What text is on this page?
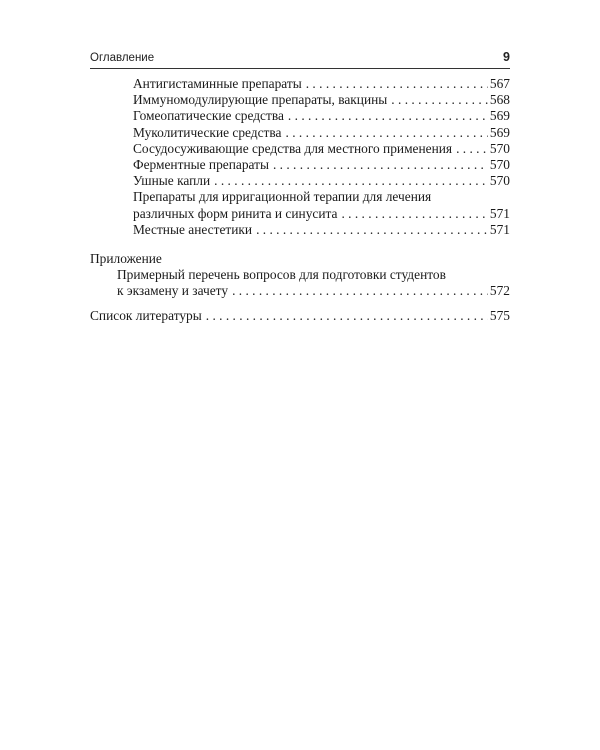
Оглавление	9
Антигистаминные препараты . . .	567
Иммуномодулирующие препараты, вакцины . . .	568
Гомеопатические средства . . .	569
Муколитические средства . . .	569
Сосудосуживающие средства для местного применения . . .	570
Ферментные препараты . . .	570
Ушные капли . . .	570
Препараты для ирригационной терапии для лечения
различных форм ринита и синусита . . .	571
Местные анестетики . . .	571
Приложение
Примерный перечень вопросов для подготовки студентов
к экзамену и зачету . . .	572
Список литературы . . .	575
